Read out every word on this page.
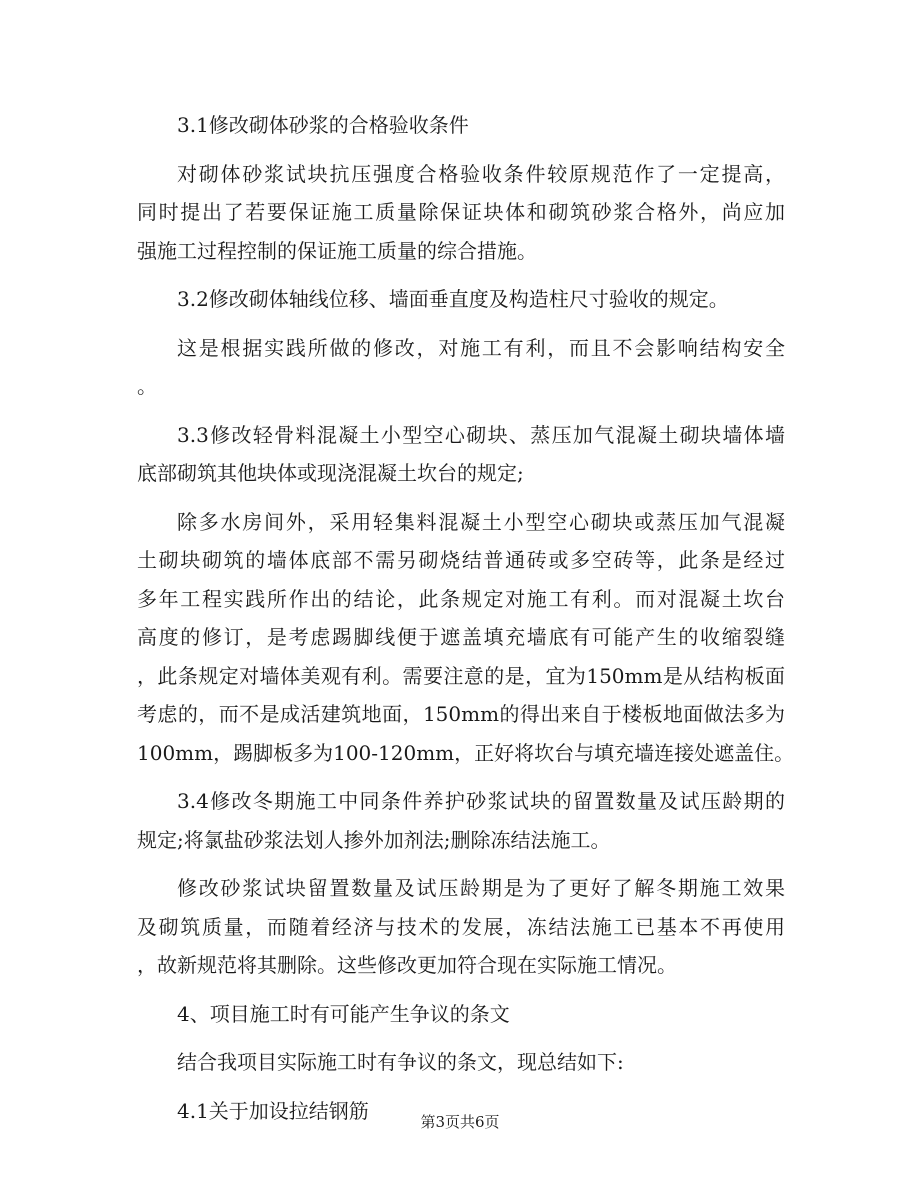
3.1修改砌体砂浆的合格验收条件
对砌体砂浆试块抗压强度合格验收条件较原规范作了一定提高，
同时提出了若要保证施工质量除保证块体和砌筑砂浆合格外，尚应加
强施工过程控制的保证施工质量的综合措施。
3.2修改砌体轴线位移、墙面垂直度及构造柱尺寸验收的规定。
这是根据实践所做的修改，对施工有利，而且不会影响结构安全
。
3.3修改轻骨料混凝土小型空心砌块、蒸压加气混凝土砌块墙体墙
底部砌筑其他块体或现浇混凝土坎台的规定;
除多水房间外，采用轻集料混凝土小型空心砌块或蒸压加气混凝
土砌块砌筑的墙体底部不需另砌烧结普通砖或多空砖等，此条是经过
多年工程实践所作出的结论，此条规定对施工有利。而对混凝土坎台
高度的修订，是考虑踢脚线便于遮盖填充墙底有可能产生的收缩裂缝
，此条规定对墙体美观有利。需要注意的是，宜为150mm是从结构板面
考虑的，而不是成活建筑地面，150mm的得出来自于楼板地面做法多为
100mm，踢脚板多为100-120mm，正好将坎台与填充墙连接处遮盖住。
3.4修改冬期施工中同条件养护砂浆试块的留置数量及试压龄期的
规定;将氯盐砂浆法划人掺外加剂法;删除冻结法施工。
修改砂浆试块留置数量及试压龄期是为了更好了解冬期施工效果
及砌筑质量，而随着经济与技术的发展，冻结法施工已基本不再使用
，故新规范将其删除。这些修改更加符合现在实际施工情况。
4、项目施工时有可能产生争议的条文
结合我项目实际施工时有争议的条文，现总结如下:
4.1关于加设拉结钢筋	第3页共6页
